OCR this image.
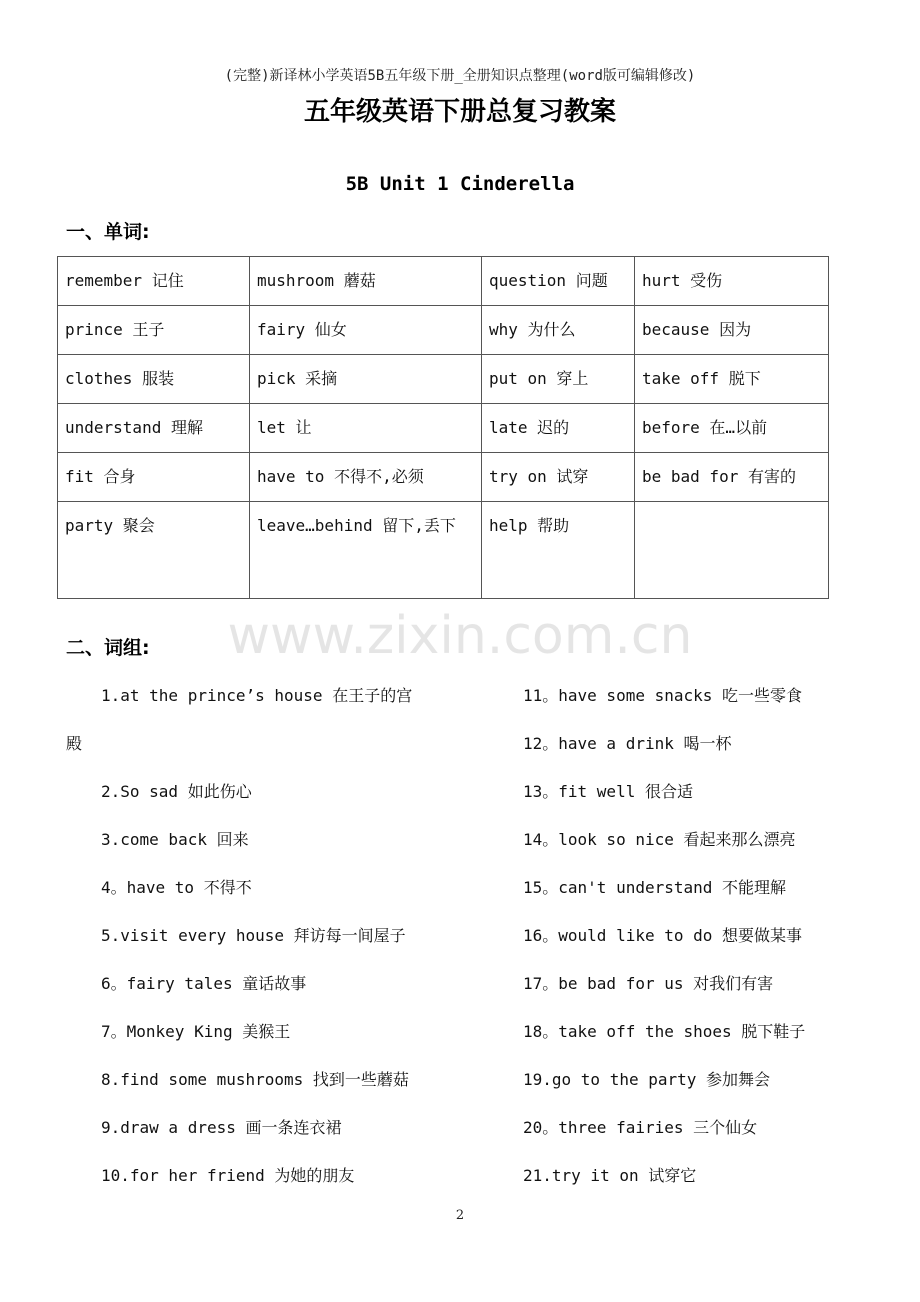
(完整)新译林小学英语5B五年级下册_全册知识点整理(word版可编辑修改)
五年级英语下册总复习教案
5B Unit 1 Cinderella
一、单词:
remember 记住	mushroom 蘑菇	question 问题	hurt 受伤
prince 王子	fairy 仙女	why 为什么	because 因为
clothes 服装	pick 采摘	put on 穿上	take off 脱下
understand 理解	let 让	late 迟的	before 在…以前
fit 合身	have to 不得不,必须	try on 试穿	be bad for 有害的
party 聚会	leave…behind 留下,丢下	help 帮助	
www.zixin.com.cn
二、词组:
1.at the prince’s house 在王子的宫
殿
2.So sad 如此伤心
3.come back 回来
4。have to 不得不
5.visit every house 拜访每一间屋子
6。fairy tales 童话故事
7。Monkey King 美猴王
8.find some mushrooms 找到一些蘑菇
9.draw a dress 画一条连衣裙
10.for her friend 为她的朋友
11。have some snacks 吃一些零食
12。have a drink 喝一杯
13。fit well 很合适
14。look so nice 看起来那么漂亮
15。can't understand 不能理解
16。would like to do 想要做某事
17。be bad for us 对我们有害
18。take off the shoes 脱下鞋子
19.go to the party 参加舞会
20。three fairies 三个仙女
21.try it on 试穿它
2
